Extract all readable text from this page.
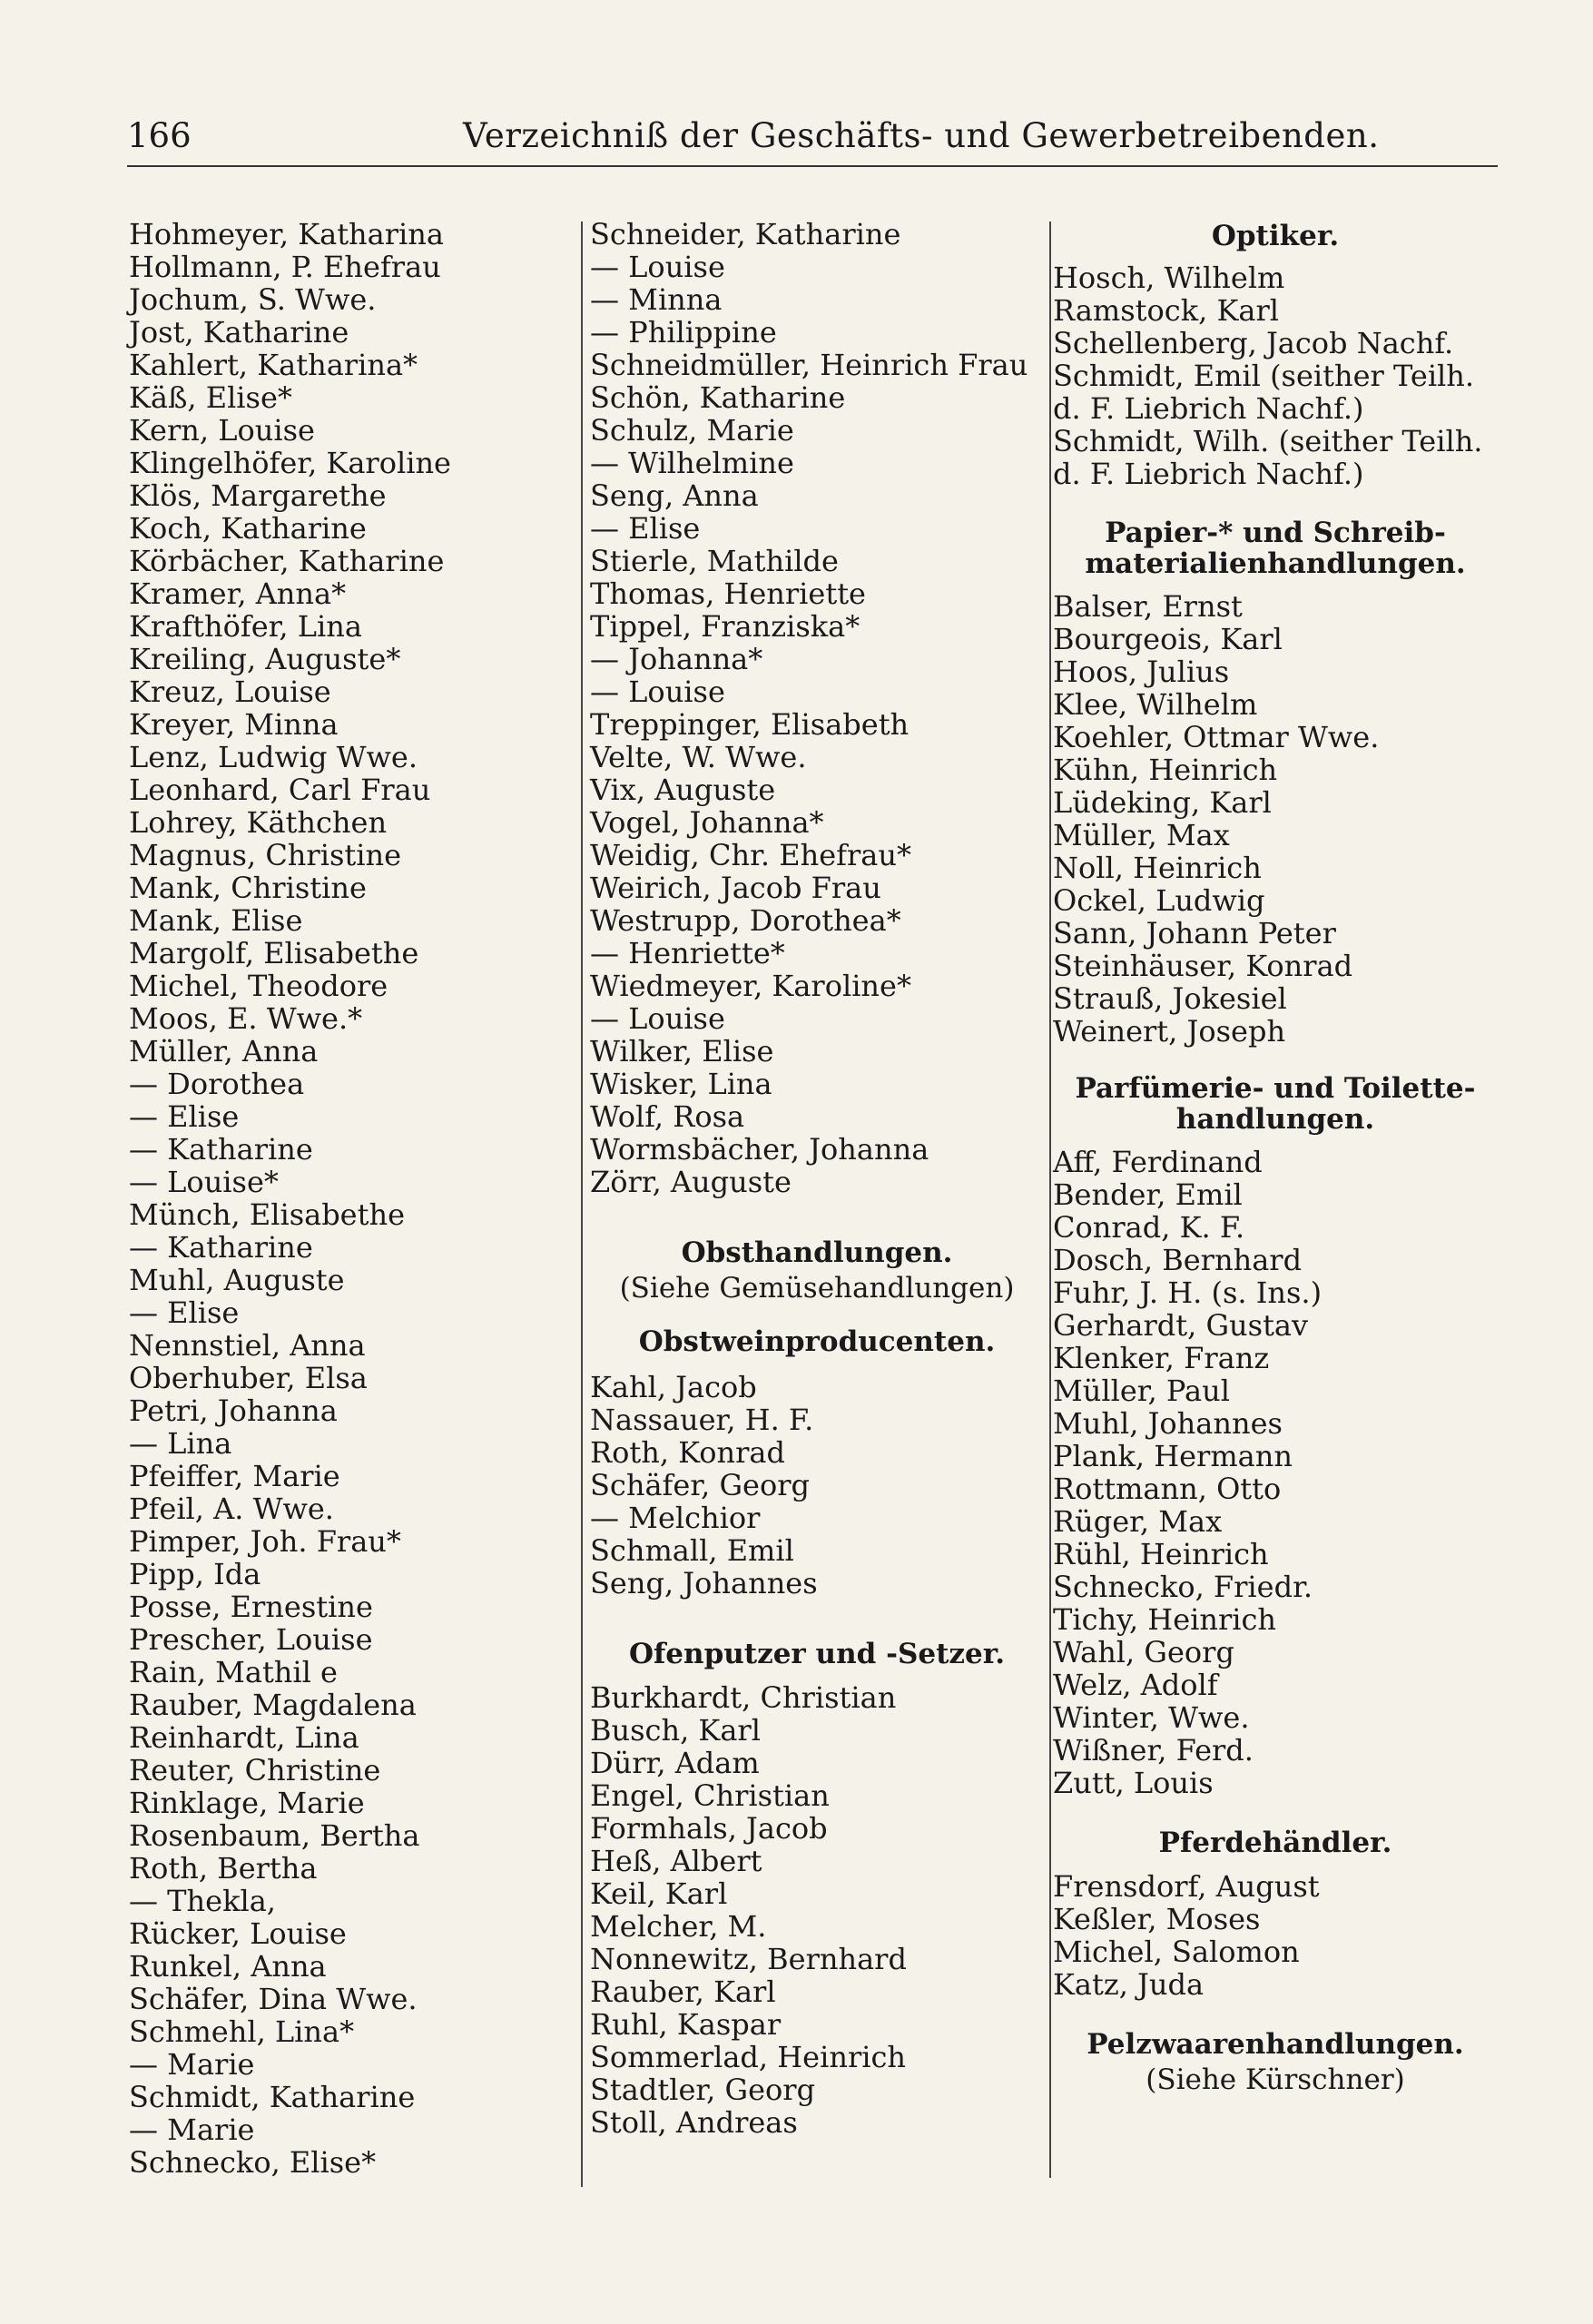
166	Verzeichniß der Geschäfts- und Gewerbetreibenden.
Hohmeyer, Katharina
Hollmann, P. Ehefrau
Jochum, S. Wwe.
Jost, Katharine
Kahlert, Katharina*
Käß, Elise*
Kern, Louise
Klingelhöfer, Karoline
Klös, Margarethe
Koch, Katharine
Körbächer, Katharine
Kramer, Anna*
Krafthöfer, Lina
Kreiling, Auguste*
Kreuz, Louise
Kreyer, Minna
Lenz, Ludwig Wwe.
Leonhard, Carl Frau
Lohrey, Käthchen
Magnus, Christine
Mank, Christine
Mank, Elise
Margolf, Elisabethe
Michel, Theodore
Moos, E. Wwe.*
Müller, Anna
— Dorothea
— Elise
— Katharine
— Louise*
Münch, Elisabethe
— Katharine
Muhl, Auguste
— Elise
Nennstiel, Anna
Oberhuber, Elsa
Petri, Johanna
— Lina
Pfeiffer, Marie
Pfeil, A. Wwe.
Pimper, Joh. Frau*
Pipp, Ida
Posse, Ernestine
Prescher, Louise
Rain, Mathil e
Rauber, Magdalena
Reinhardt, Lina
Reuter, Christine
Rinklage, Marie
Rosenbaum, Bertha
Roth, Bertha
— Thekla,
Rücker, Louise
Runkel, Anna
Schäfer, Dina Wwe.
Schmehl, Lina*
— Marie
Schmidt, Katharine
— Marie
Schnecko, Elise*
Schneider, Katharine
— Louise
— Minna
— Philippine
Schneidmüller, Heinrich Frau
Schön, Katharine
Schulz, Marie
— Wilhelmine
Seng, Anna
— Elise
Stierle, Mathilde
Thomas, Henriette
Tippel, Franziska*
— Johanna*
— Louise
Treppinger, Elisabeth
Velte, W. Wwe.
Vix, Auguste
Vogel, Johanna*
Weidig, Chr. Ehefrau*
Weirich, Jacob Frau
Westrupp, Dorothea*
— Henriette*
Wiedmeyer, Karoline*
— Louise
Wilker, Elise
Wisker, Lina
Wolf, Rosa
Wormsbächer, Johanna
Zörr, Auguste
Obsthandlungen.
(Siehe Gemüsehandlungen)
Obstweinproducenten.
Kahl, Jacob
Nassauer, H. F.
Roth, Konrad
Schäfer, Georg
— Melchior
Schmall, Emil
Seng, Johannes
Ofenputzer und -Setzer.
Burkhardt, Christian
Busch, Karl
Dürr, Adam
Engel, Christian
Formhals, Jacob
Heß, Albert
Keil, Karl
Melcher, M.
Nonnewitz, Bernhard
Rauber, Karl
Ruhl, Kaspar
Sommerlad, Heinrich
Stadtler, Georg
Stoll, Andreas
Optiker.
Hosch, Wilhelm
Ramstock, Karl
Schellenberg, Jacob Nachf.
Schmidt, Emil (seither Teilh.
d. F. Liebrich Nachf.)
Schmidt, Wilh. (seither Teilh.
d. F. Liebrich Nachf.)
Papier-* und Schreib-
materialienhandlungen.
Balser, Ernst
Bourgeois, Karl
Hoos, Julius
Klee, Wilhelm
Koehler, Ottmar Wwe.
Kühn, Heinrich
Lüdeking, Karl
Müller, Max
Noll, Heinrich
Ockel, Ludwig
Sann, Johann Peter
Steinhäuser, Konrad
Strauß, Jokesiel
Weinert, Joseph
Parfümerie- und Toilette-
handlungen.
Aff, Ferdinand
Bender, Emil
Conrad, K. F.
Dosch, Bernhard
Fuhr, J. H. (s. Ins.)
Gerhardt, Gustav
Klenker, Franz
Müller, Paul
Muhl, Johannes
Plank, Hermann
Rottmann, Otto
Rüger, Max
Rühl, Heinrich
Schnecko, Friedr.
Tichy, Heinrich
Wahl, Georg
Welz, Adolf
Winter, Wwe.
Wißner, Ferd.
Zutt, Louis
Pferdehändler.
Frensdorf, August
Keßler, Moses
Michel, Salomon
Katz, Juda
Pelzwaarenhandlungen.
(Siehe Kürschner)
